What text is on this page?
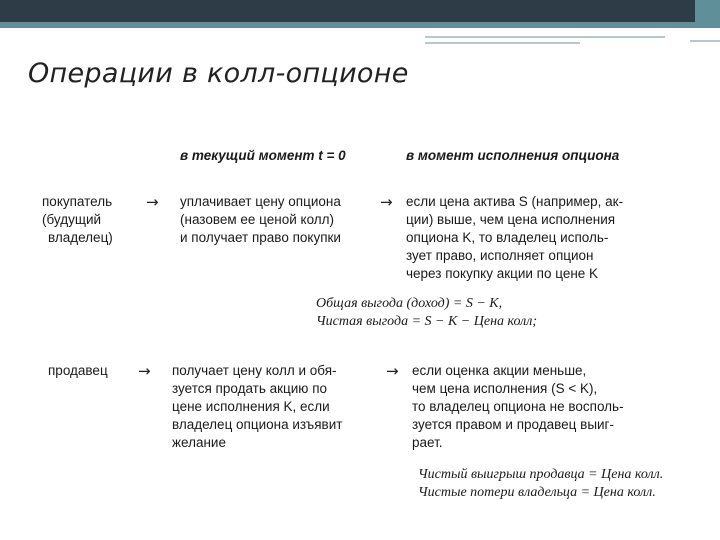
Операции в колл-опционе
в текущий момент t = 0	в момент исполнения опциона
покупатель
(будущий
владелец)
→ уплачивает цену опциона
(назовем ее ценой колл)
и получает право покупки
→ если цена актива S (например, ак-
ции) выше, чем цена исполнения
опциона K, то владелец исполь-
зует право, исполняет опцион
через покупку акции по цене K
Общая выгода (доход) = S − K,
Чистая выгода = S − K − Цена колл;
продавец → получает цену колл и обя-
зуется продать акцию по
цене исполнения K, если
владелец опциона изъявит
желание
→ если оценка акции меньше,
чем цена исполнения (S < K),
то владелец опциона не восполь-
зуется правом и продавец выиг-
рает.
Чистый выигрыш продавца = Цена колл.
Чистые потери владельца = Цена колл.
